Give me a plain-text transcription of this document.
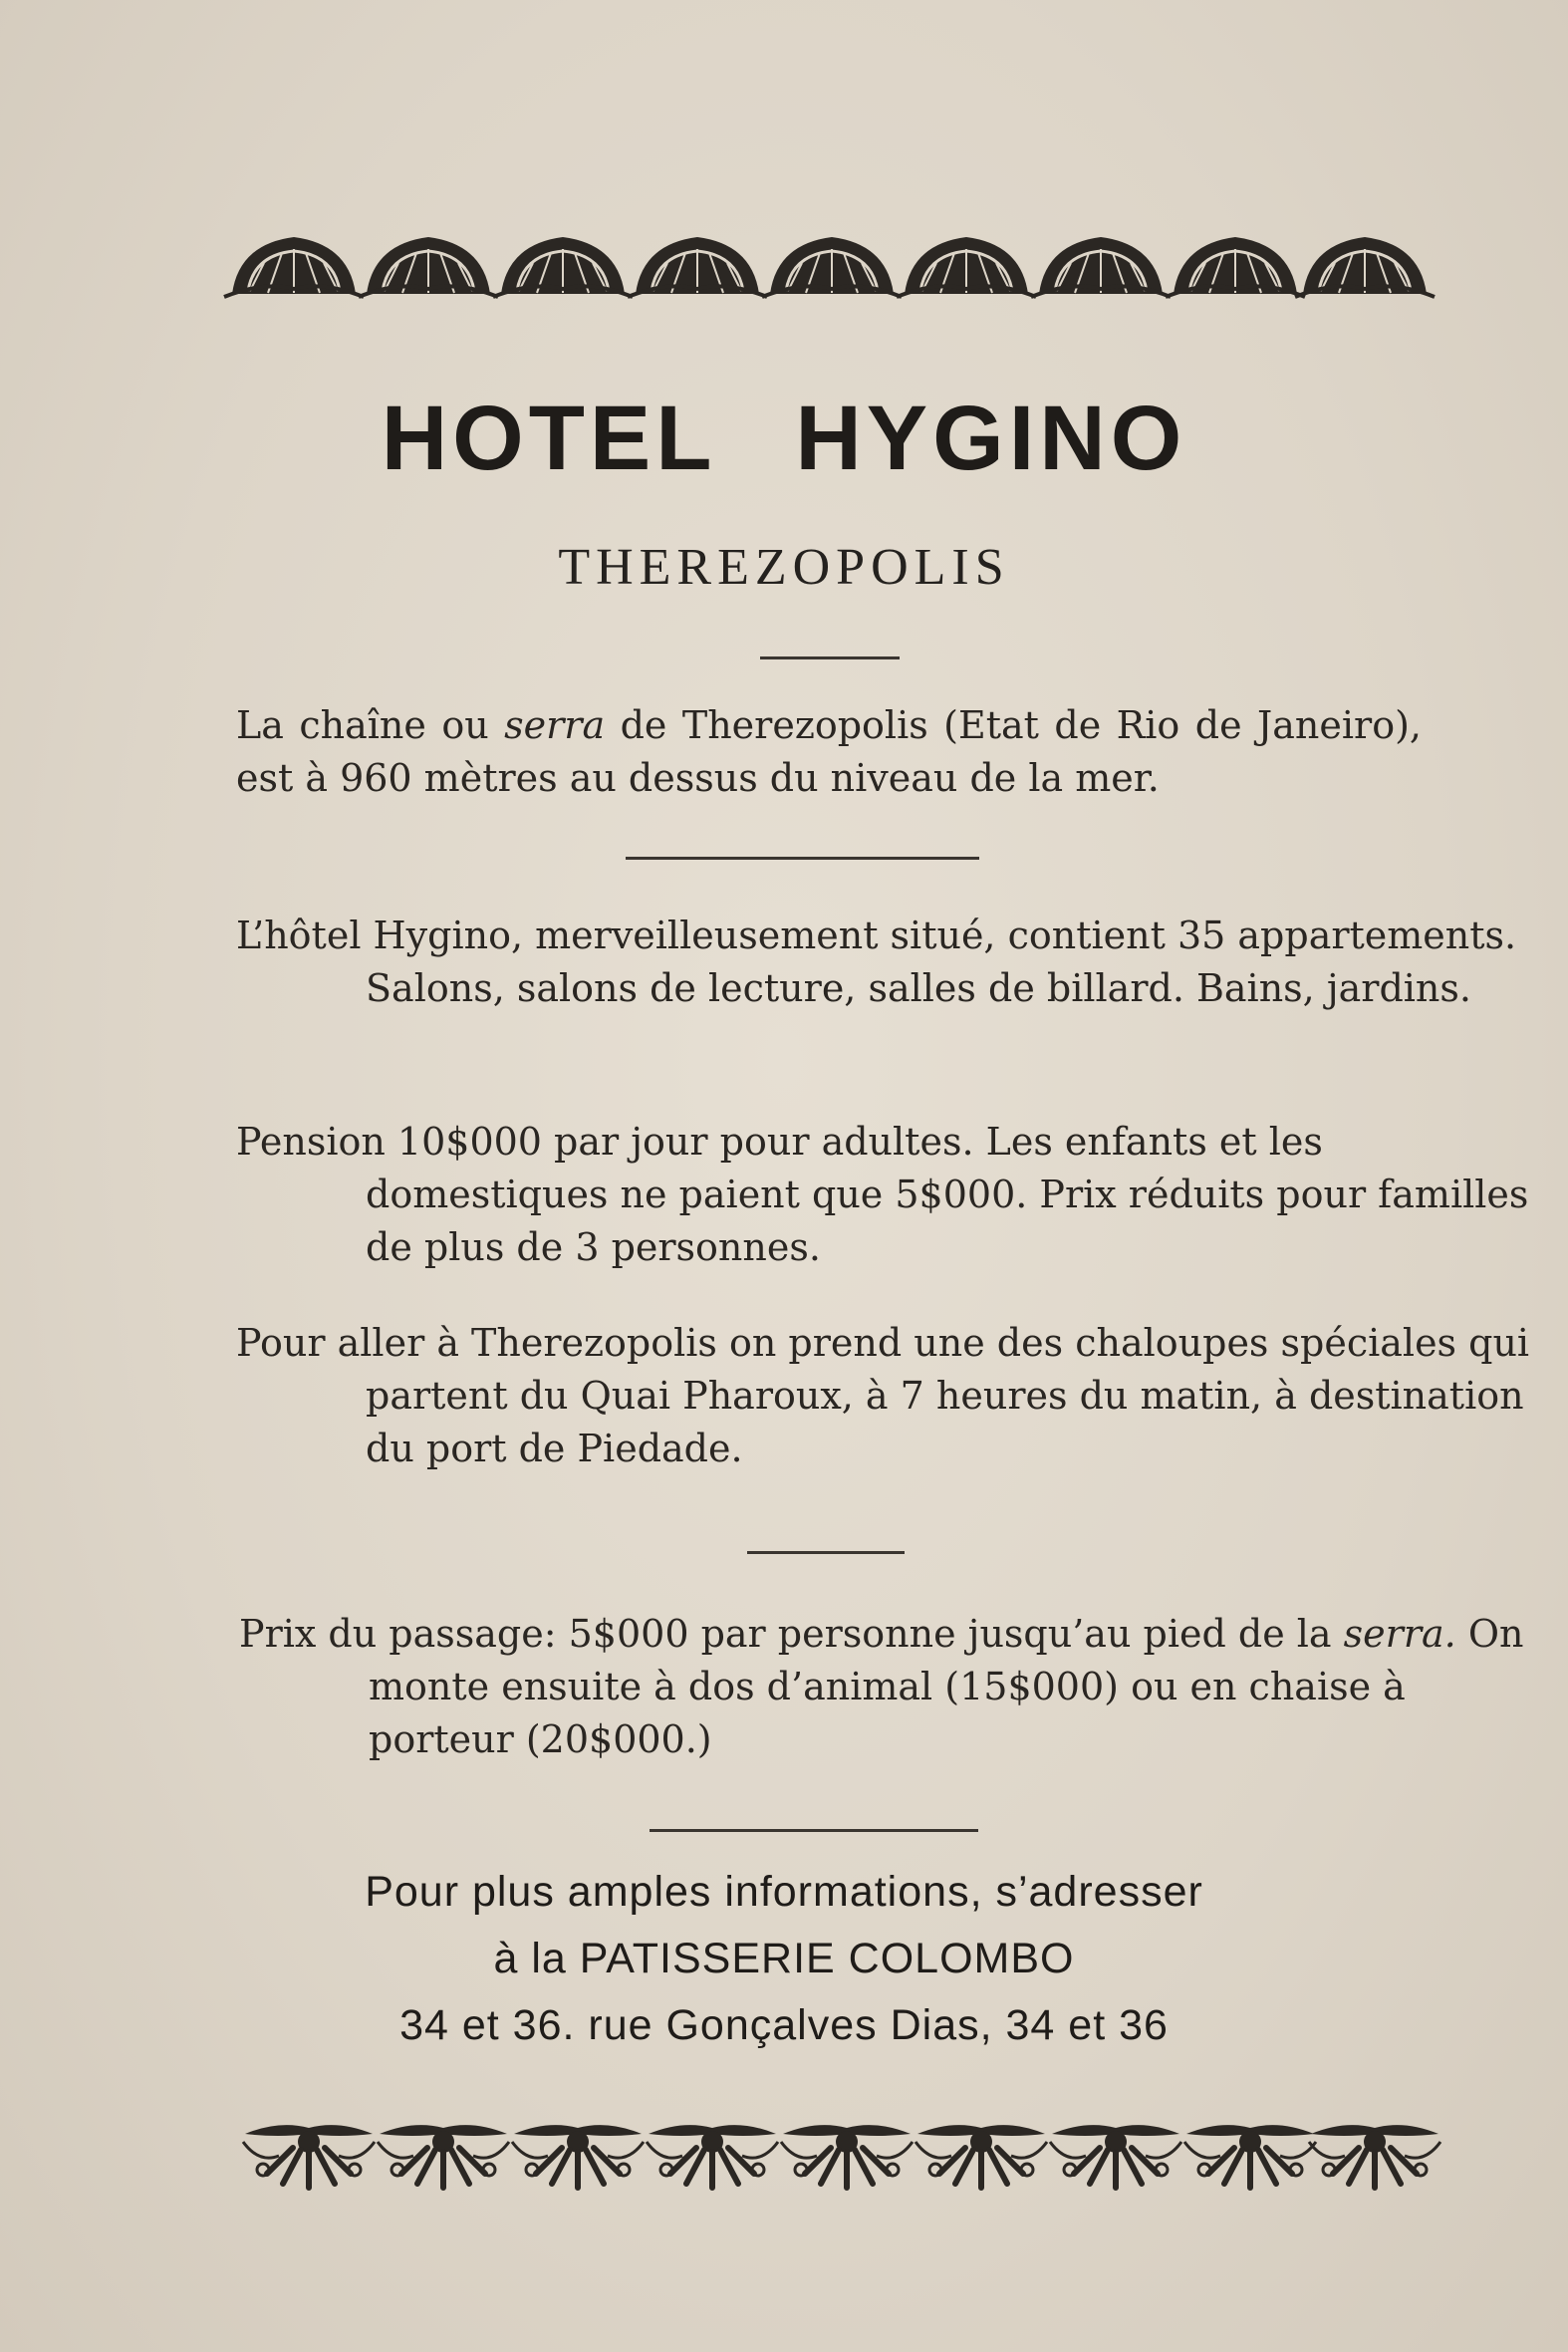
HOTEL HYGINO
THEREZOPOLIS
La chaîne ou serra de Therezopolis (Etat de Rio de Janeiro), est à 960 mètres au dessus du niveau de la mer.
L’hôtel Hygino, merveilleusement situé, contient 35 appartements. Salons, salons de lecture, salles de billard. Bains, jardins.
Pension 10$000 par jour pour adultes. Les enfants et les domestiques ne paient que 5$000. Prix réduits pour familles de plus de 3 personnes.
Pour aller à Therezopolis on prend une des chaloupes spéciales qui partent du Quai Pharoux, à 7 heures du matin, à destination du port de Piedade.
Prix du passage: 5$000 par personne jusqu’au pied de la serra. On monte ensuite à dos d’animal (15$000) ou en chaise à porteur (20$000.)
Pour plus amples informations, s’adresser
à la PATISSERIE COLOMBO
34 et 36. rue Gonçalves Dias, 34 et 36
